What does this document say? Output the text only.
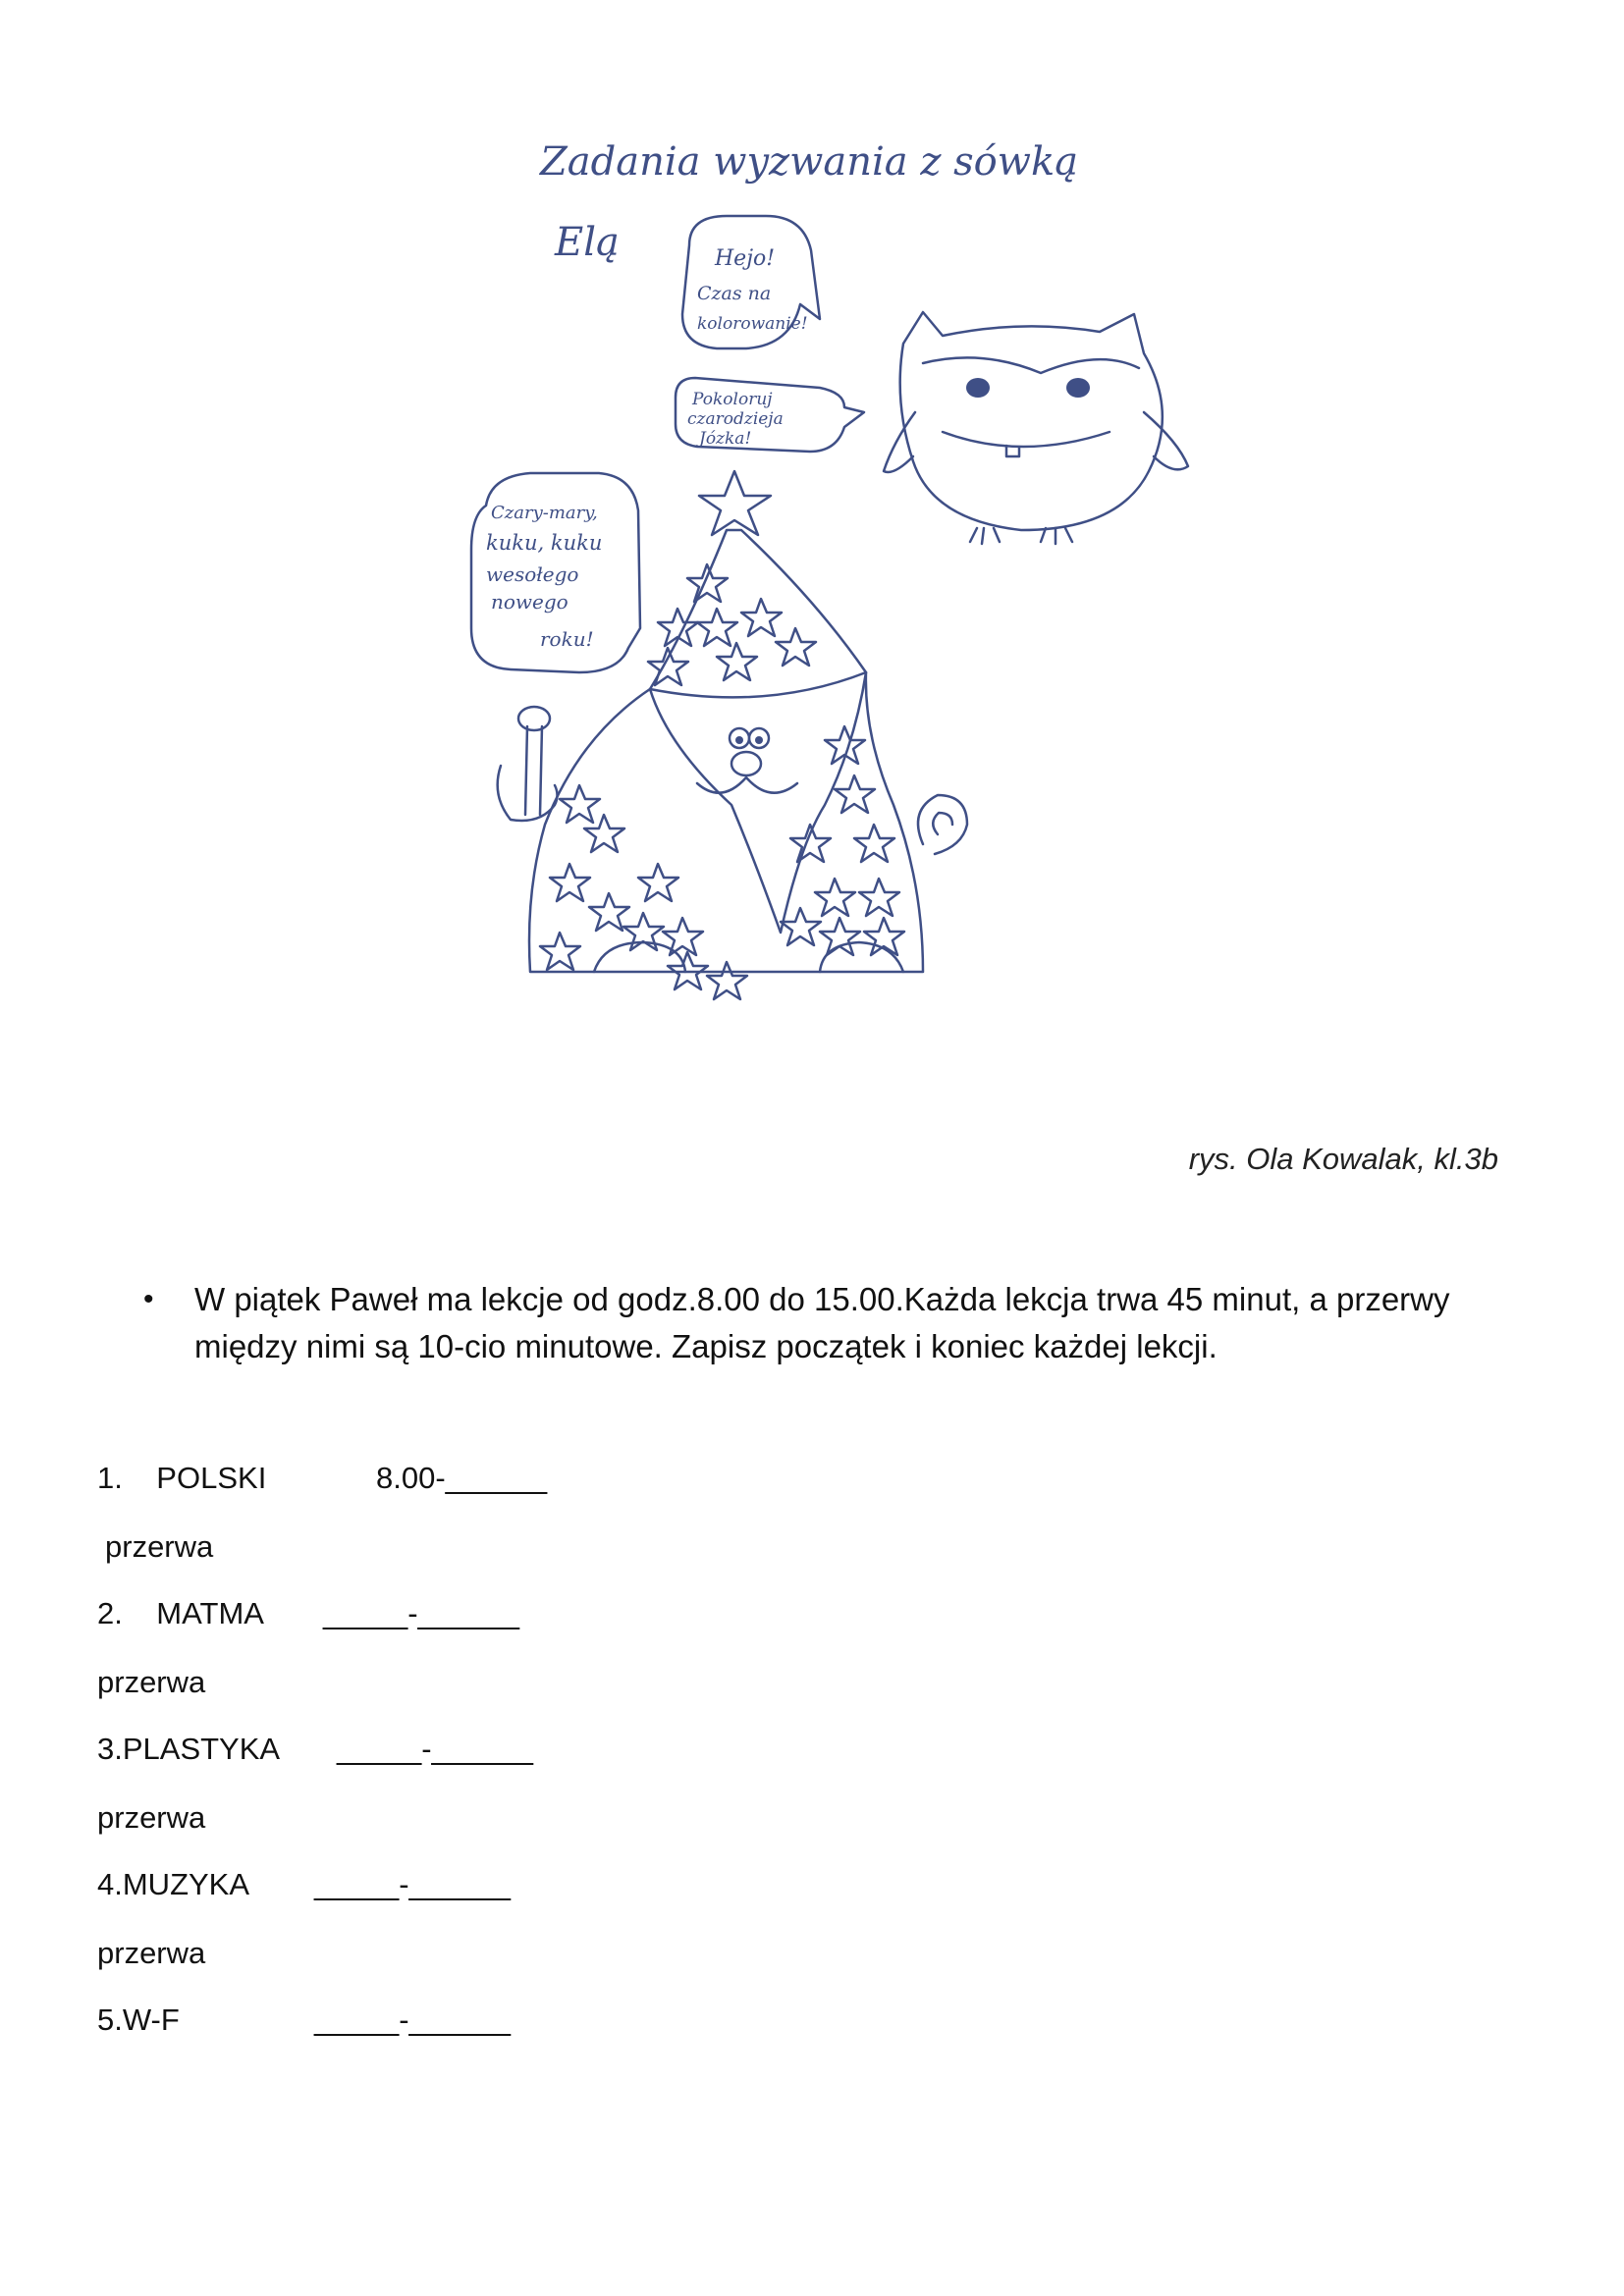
Zadania wyzwania z sówką
Elą	Hejo!
Czas na
kolorowanie!
Pokoloruj
czarodzieja
Józka!
Czary-mary,
kuku, kuku
wesołego
nowego
roku!
rys. Ola Kowalak, kl.3b
• W piątek Paweł ma lekcje od godz.8.00 do 15.00.Każda lekcja trwa 45 minut, a przerwy między nimi są 10-cio minutowe. Zapisz początek i koniec każdej lekcji.
1.    POLSKI	8.00-______
przerwa
2.    MATMA _____-______
przerwa
3.PLASTYKA _____-______
przerwa
4.MUZYKA _____-______
przerwa
5.W-F	_____-______
